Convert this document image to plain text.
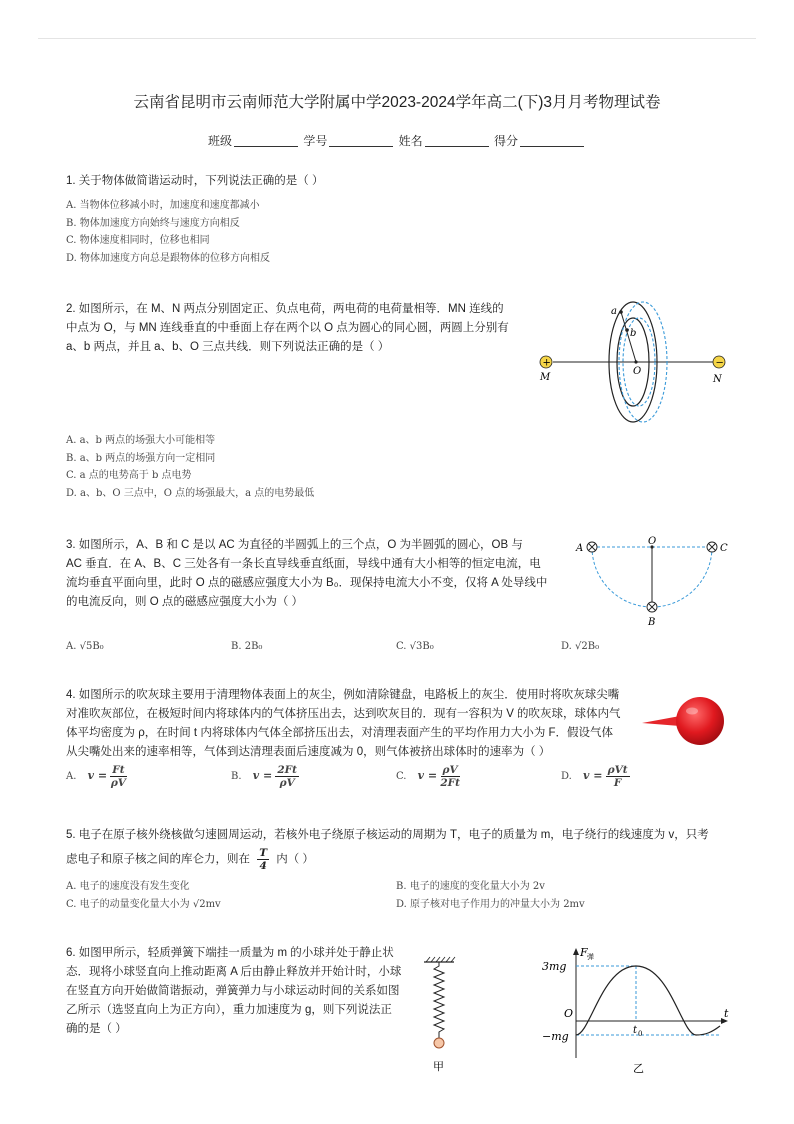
云南省昆明市云南师范大学附属中学2023-2024学年高二(下)3月月考物理试卷
班级	学号	姓名	得分
1. 关于物体做简谐运动时，下列说法正确的是（ ）
A. 当物体位移减小时，加速度和速度都减小
B. 物体加速度方向始终与速度方向相反
C. 物体速度相同时，位移也相同
D. 物体加速度方向总是跟物体的位移方向相反
2. 如图所示，在 M、N 两点分别固定正、负点电荷，两电荷的电荷量相等．MN 连线的
中点为 O，与 MN 连线垂直的中垂面上存在两个以 O 点为圆心的同心圆，两圆上分别有
a、b 两点，并且 a、b、O 三点共线．则下列说法正确的是（ ）
A. a、b 两点的场强大小可能相等
B. a、b 两点的场强方向一定相同
C. a 点的电势高于 b 点电势
D. a、b、O 三点中，O 点的场强最大，a 点的电势最低
a
b
O
+	−
M	N
3. 如图所示，A、B 和 C 是以 AC 为直径的半圆弧上的三个点，O 为半圆弧的圆心，OB 与
AC 垂直．在 A、B、C 三处各有一条长直导线垂直纸面，导线中通有大小相等的恒定电流，电
流均垂直平面向里，此时 O 点的磁感应强度大小为 B₀．现保持电流大小不变，仅将 A 处导线中
的电流反向，则 O 点的磁感应强度大小为（ ）
A. √5B₀	B. 2B₀	C. √3B₀	D. √2B₀
A	C
O
B
4. 如图所示的吹灰球主要用于清理物体表面上的灰尘，例如清除键盘，电路板上的灰尘．使用时将吹灰球尖嘴
对准吹灰部位，在极短时间内将球体内的气体挤压出去，达到吹灰目的．现有一容积为 V 的吹灰球，球体内气
体平均密度为 ρ，在时间 t 内将球体内气体全部挤压出去，对清理表面产生的平均作用力大小为 F．假设气体
从尖嘴处出来的速率相等，气体到达清理表面后速度减为 0，则气体被挤出球体时的速率为（ ）
A. $v = \frac{Ft}{\rho V}$	B. $v = \frac{2Ft}{\rho V}$	C. $v = \frac{\rho V}{2Ft}$	D. $v = \frac{\text{ρVt}}{F}$
5. 电子在原子核外绕核做匀速圆周运动，若核外电子绕原子核运动的周期为 T，电子的质量为 m，电子绕行的线速度为 v，只考
虑电子和原子核之间的库仑力，则在 $\frac{T}{4}$ 内（ ）
A. 电子的速度没有发生变化	B. 电子的速度的变化量大小为 2v
C. 电子的动量变化量大小为 √2mv	D. 原子核对电子作用力的冲量大小为 2mv
6. 如图甲所示，轻质弹簧下端挂一质量为 m 的小球并处于静止状
态．现将小球竖直向上推动距离 A 后由静止释放并开始计时，小球
在竖直方向开始做简谐振动，弹簧弹力与小球运动时间的关系如图
乙所示（选竖直向上为正方向），重力加速度为 g，则下列说法正
确的是（ ）
甲
F 弹
3mg
O
−mg
t
t 0
乙
